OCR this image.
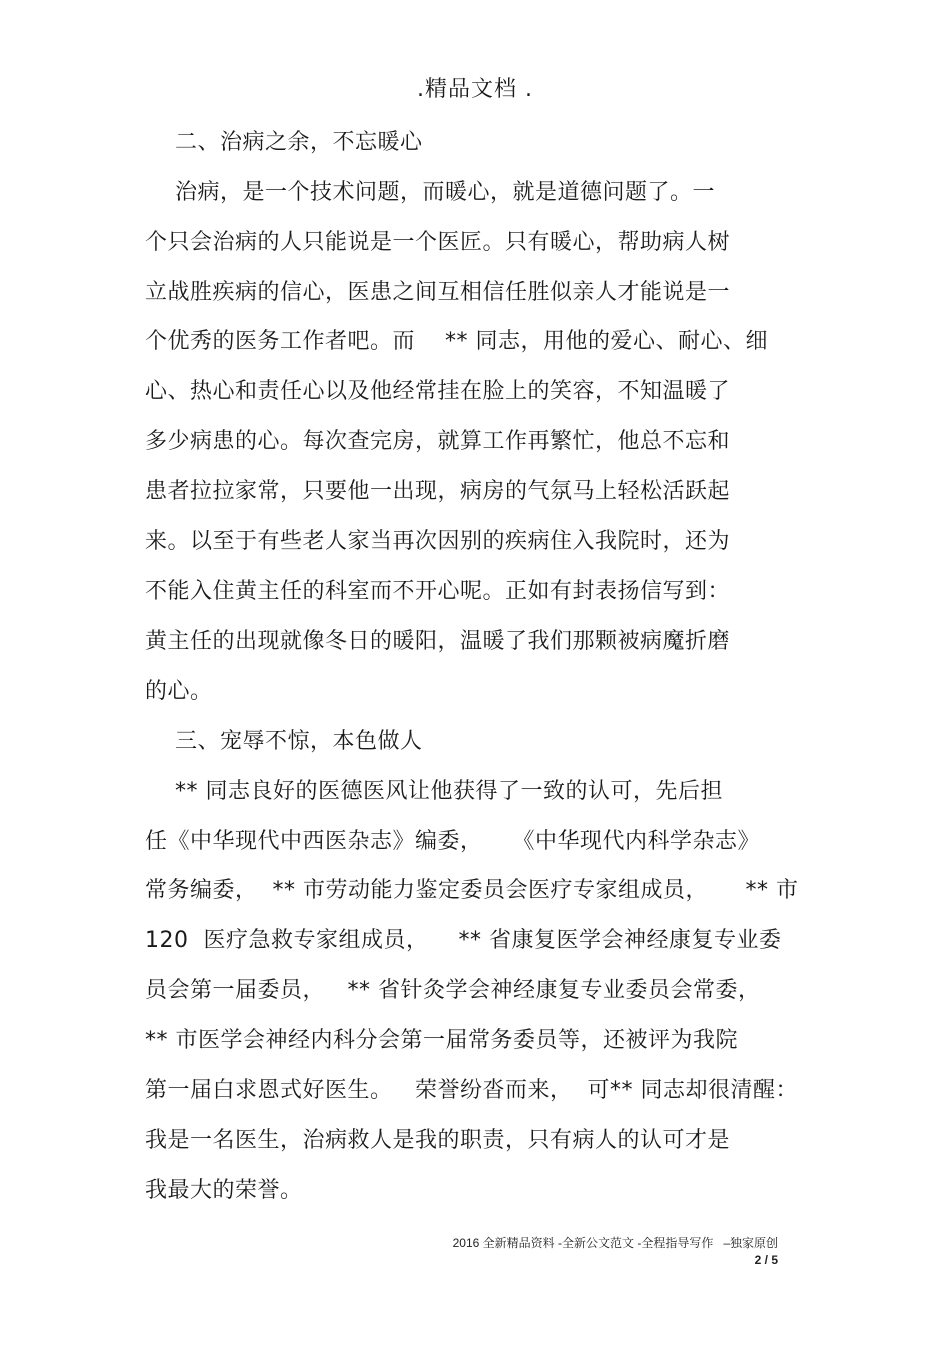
.精品文档 .
二、治病之余，不忘暖心
治病，是一个技术问题，而暖心，就是道德问题了。一
个只会治病的人只能说是一个医匠。只有暖心，帮助病人树
立战胜疾病的信心，医患之间互相信任胜似亲人才能说是一
个优秀的医务工作者吧。而    ** 同志，用他的爱心、耐心、细
心、热心和责任心以及他经常挂在脸上的笑容，不知温暖了
多少病患的心。每次查完房，就算工作再繁忙，他总不忘和
患者拉拉家常，只要他一出现，病房的气氛马上轻松活跃起
来。以至于有些老人家当再次因别的疾病住入我院时，还为
不能入住黄主任的科室而不开心呢。正如有封表扬信写到：
黄主任的出现就像冬日的暖阳，温暖了我们那颗被病魔折磨
的心。
三、宠辱不惊，本色做人
** 同志良好的医德医风让他获得了一致的认可，先后担
任《中华现代中西医杂志》编委，    《中华现代内科学杂志》
常务编委，  ** 市劳动能力鉴定委员会医疗专家组成员，     ** 市
120  医疗急救专家组成员，    ** 省康复医学会神经康复专业委
员会第一届委员，   ** 省针灸学会神经康复专业委员会常委，
** 市医学会神经内科分会第一届常务委员等，还被评为我院
第一届白求恩式好医生。   荣誉纷沓而来，  可** 同志却很清醒：
我是一名医生，治病救人是我的职责，只有病人的认可才是
我最大的荣誉。
2016 全新精品资料 -全新公文范文 -全程指导写作   –独家原创
2 / 5
